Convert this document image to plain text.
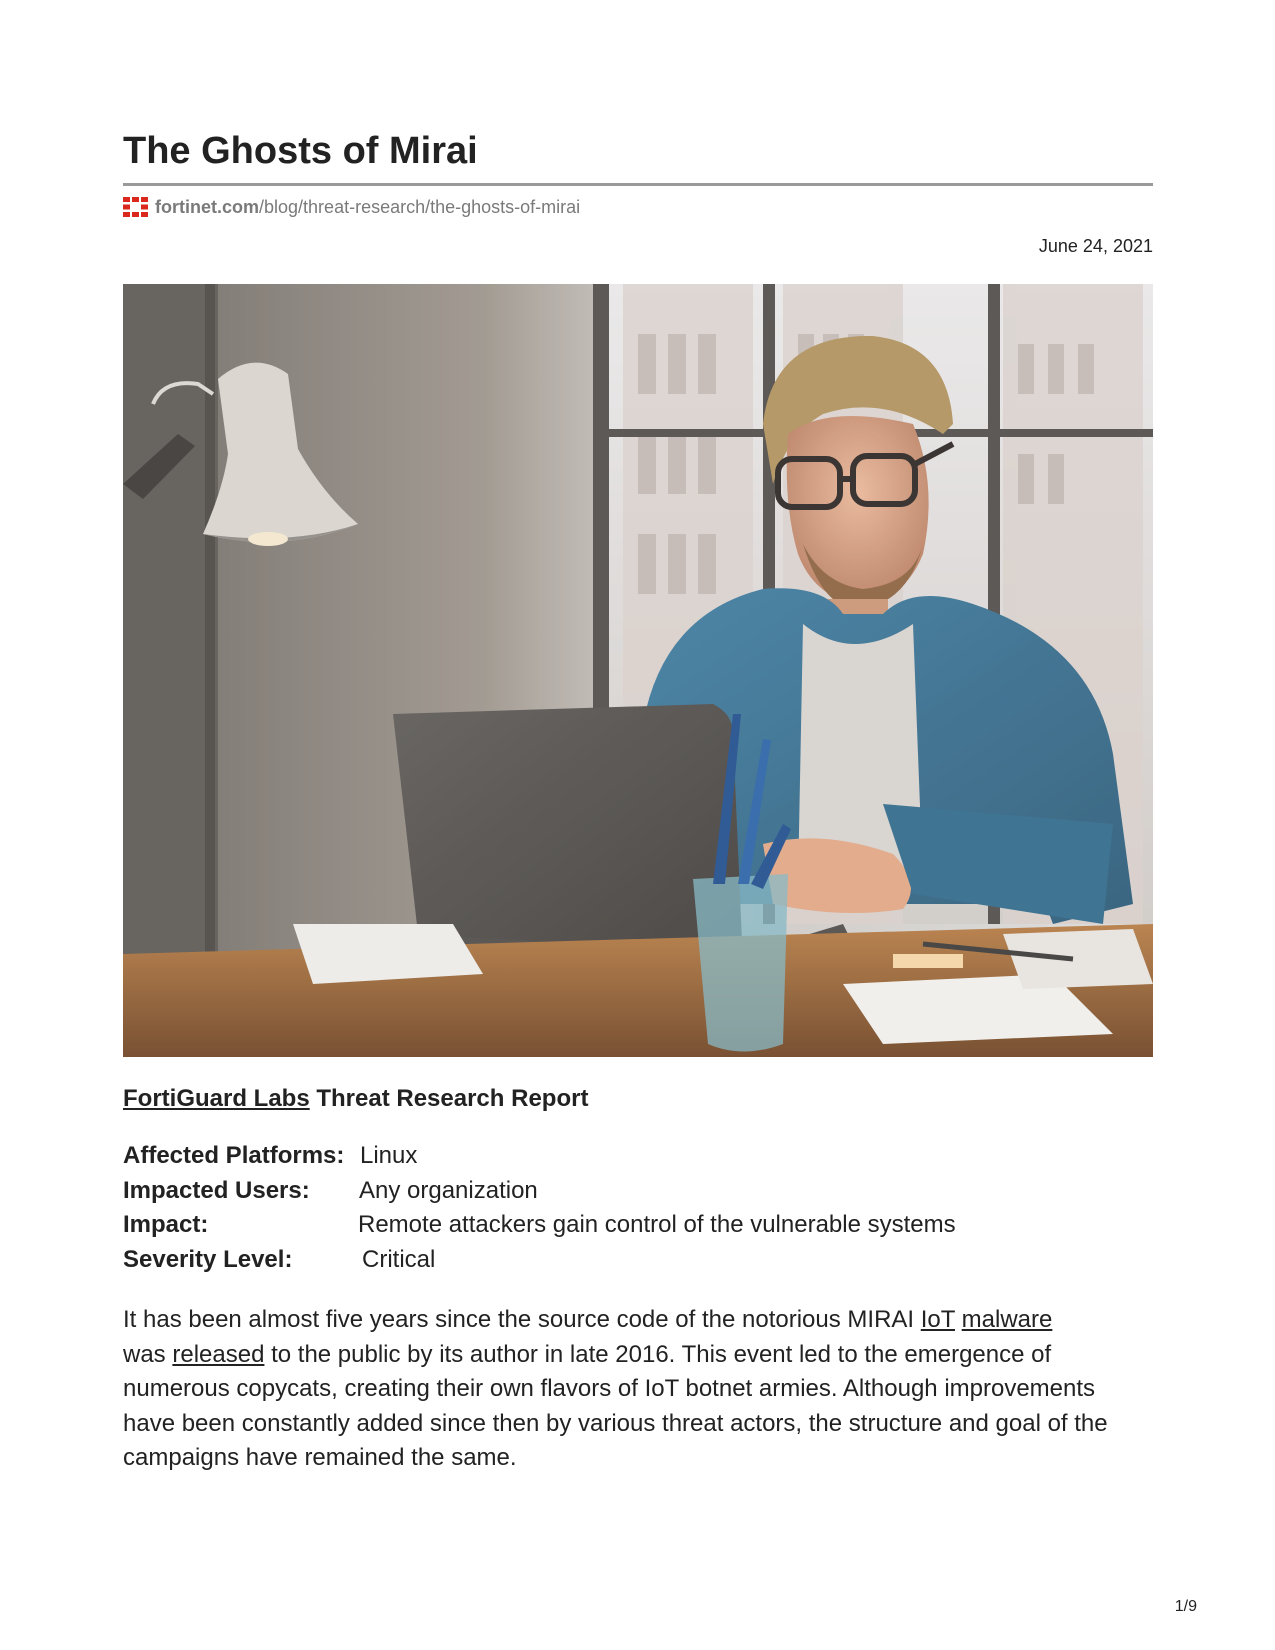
The Ghosts of Mirai
fortinet.com /blog/threat-research/the-ghosts-of-mirai
June 24, 2021
FortiGuard Labs Threat Research Report
Affected Platforms: Linux
Impacted Users: Any organization
Impact:	Remote attackers gain control of the vulnerable systems
Severity Level:	Critical
It has been almost five years since the source code of the notorious MIRAI IoT malware
was released to the public by its author in late 2016. This event led to the emergence of
numerous copycats, creating their own flavors of IoT botnet armies. Although improvements
have been constantly added since then by various threat actors, the structure and goal of the
campaigns have remained the same.
1/9
